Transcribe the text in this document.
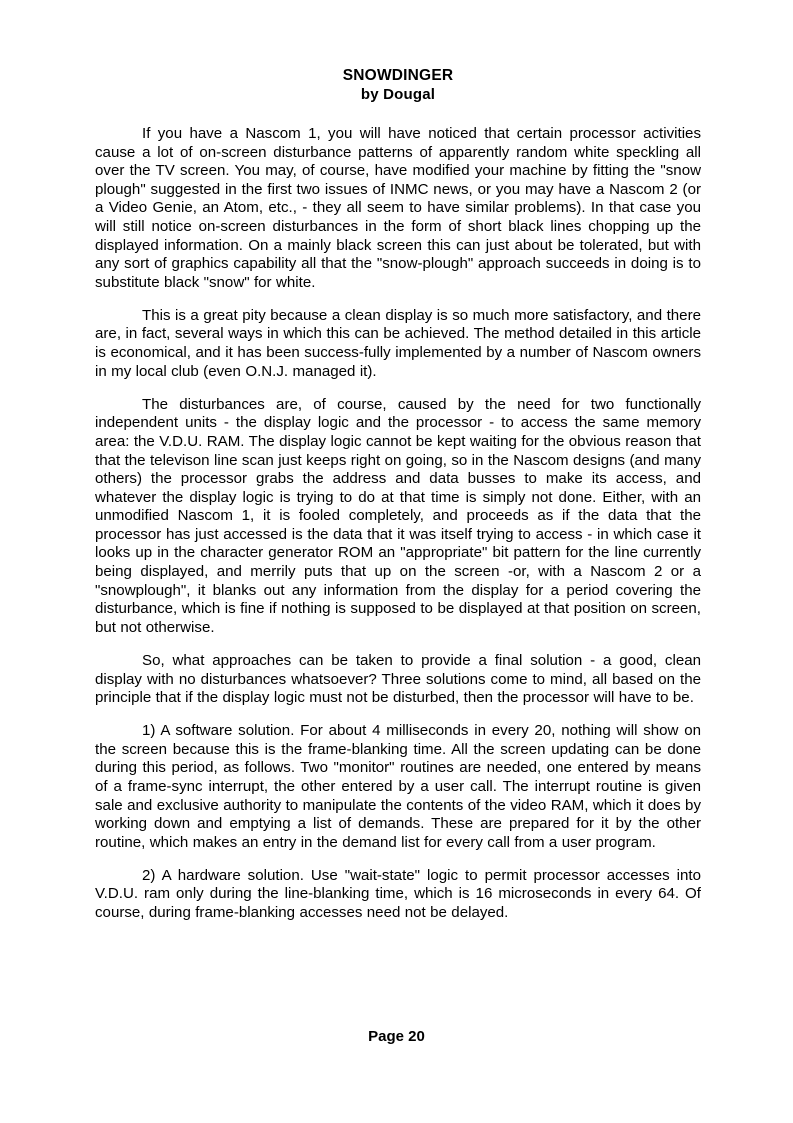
SNOWDINGER
by Dougal

If you have a Nascom 1, you will have noticed that certain processor activities cause a lot of on-screen disturbance patterns of apparently random white speckling all over the TV screen. You may, of course, have modified your machine by fitting the "snow plough" suggested in the first two issues of INMC news, or you may have a Nascom 2 (or a Video Genie, an Atom, etc., - they all seem to have similar problems). In that case you will still notice on-screen disturbances in the form of short black lines chopping up the displayed information. On a mainly black screen this can just about be tolerated, but with any sort of graphics capability all that the "snow-plough" approach succeeds in doing is to substitute black "snow" for white.

This is a great pity because a clean display is so much more satisfactory, and there are, in fact, several ways in which this can be achieved. The method detailed in this article is economical, and it has been success-fully implemented by a number of Nascom owners in my local club (even O.N.J. managed it).

The disturbances are, of course, caused by the need for two functionally independent units - the display logic and the processor - to access the same memory area: the V.D.U. RAM. The display logic cannot be kept waiting for the obvious reason that that the televison line scan just keeps right on going, so in the Nascom designs (and many others) the processor grabs the address and data busses to make its access, and whatever the display logic is trying to do at that time is simply not done. Either, with an unmodified Nascom 1, it is fooled completely, and proceeds as if the data that the processor has just accessed is the data that it was itself trying to access - in which case it looks up in the character generator ROM an "appropriate" bit pattern for the line currently being displayed, and merrily puts that up on the screen -or, with a Nascom 2 or a "snowplough", it blanks out any information from the display for a period covering the disturbance, which is fine if nothing is supposed to be displayed at that position on screen, but not otherwise.

So, what approaches can be taken to provide a final solution - a good, clean display with no disturbances whatsoever? Three solutions come to mind, all based on the principle that if the display logic must not be disturbed, then the processor will have to be.

1) A software solution. For about 4 milliseconds in every 20, nothing will show on the screen because this is the frame-blanking time. All the screen updating can be done during this period, as follows. Two "monitor" routines are needed, one entered by means of a frame-sync interrupt, the other entered by a user call. The interrupt routine is given sale and exclusive authority to manipulate the contents of the video RAM, which it does by working down and emptying a list of demands. These are prepared for it by the other routine, which makes an entry in the demand list for every call from a user program.

2) A hardware solution. Use "wait-state" logic to permit processor accesses into V.D.U. ram only during the line-blanking time, which is 16 microseconds in every 64. Of course, during frame-blanking accesses need not be delayed.

Page 20
